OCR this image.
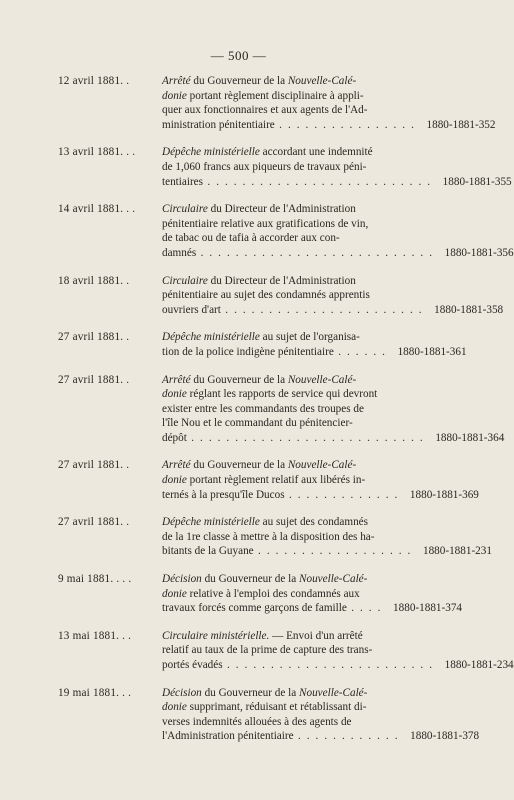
— 500 —
12 avril 1881. .	Arrêté du Gouverneur de la Nouvelle-Calé-
donie portant règlement disciplinaire à appli-
quer aux fonctionnaires et aux agents de l'Ad-
ministration pénitentiaire . . . . . . . . . . . . . . . . 1880-1881-352
13 avril 1881. . .	Dépêche ministérielle accordant une indemnité
de 1,060 francs aux piqueurs de travaux péni-
tentiaires . . . . . . . . . . . . . . . . . . . . . . . . . . 1880-1881-355
14 avril 1881. . .	Circulaire du Directeur de l'Administration
pénitentiaire relative aux gratifications de vin,
de tabac ou de tafia à accorder aux con-
damnés . . . . . . . . . . . . . . . . . . . . . . . . . . . 1880-1881-356
18 avril 1881. .	Circulaire du Directeur de l'Administration
pénitentiaire au sujet des condamnés apprentis
ouvriers d'art . . . . . . . . . . . . . . . . . . . . . . . 1880-1881-358
27 avril 1881. .	Dépêche ministérielle au sujet de l'organisa-
tion de la police indigène pénitentiaire . . . . . . 1880-1881-361
27 avril 1881. .	Arrêté du Gouverneur de la Nouvelle-Calé-
donie réglant les rapports de service qui devront
exister entre les commandants des troupes de
l'île Nou et le commandant du pénitencier-
dépôt . . . . . . . . . . . . . . . . . . . . . . . . . . . 1880-1881-364
27 avril 1881. .	Arrêté du Gouverneur de la Nouvelle-Calé-
donie portant règlement relatif aux libérés in-
ternés à la presqu'île Ducos . . . . . . . . . . . . . 1880-1881-369
27 avril 1881. .	Dépêche ministérielle au sujet des condamnés
de la 1re classe à mettre à la disposition des ha-
bitants de la Guyane . . . . . . . . . . . . . . . . . . 1880-1881-231
9 mai 1881. . . .	Décision du Gouverneur de la Nouvelle-Calé-
donie relative à l'emploi des condamnés aux
travaux forcés comme garçons de famille . . . . 1880-1881-374
13 mai 1881. . .	Circulaire ministérielle. — Envoi d'un arrêté
relatif au taux de la prime de capture des trans-
portés évadés . . . . . . . . . . . . . . . . . . . . . . . . 1880-1881-234
19 mai 1881. . .	Décision du Gouverneur de la Nouvelle-Calé-
donie supprimant, réduisant et rétablissant di-
verses indemnités allouées à des agents de
l'Administration pénitentiaire . . . . . . . . . . . . 1880-1881-378
